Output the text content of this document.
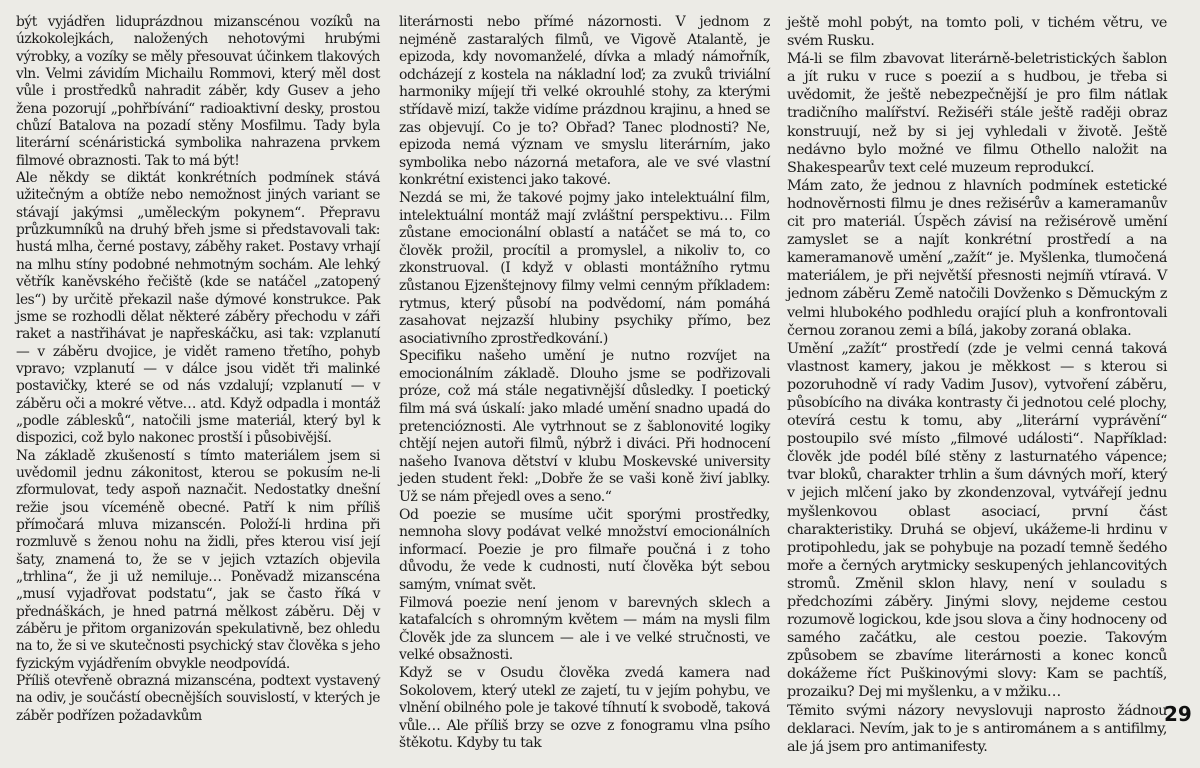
být vyjádřen liduprázdnou mizanscénou vozíků na úzkokolejkách, naložených nehotovými hrubými výrobky, a vozíky se měly přesouvat účinkem tlakových vln. Velmi závidím Michailu Rommovi, který měl dost vůle i prostředků nahradit záběr, kdy Gusev a jeho žena pozorují „pohřbívání“ radioaktivní desky, prostou chůzí Batalova na pozadí stěny Mosfilmu. Tady byla literární scénáristická symbolika nahrazena prvkem filmové obraznosti. Tak to má být!

Ale někdy se diktát konkrétních podmínek stává užitečným a obtíže nebo nemožnost jiných variant se stávají jakýmsi „uměleckým pokynem“. Přepravu průzkumníků na druhý břeh jsme si představovali tak: hustá mlha, černé postavy, záběhy raket. Postavy vrhají na mlhu stíny podobné nehmotným sochám. Ale lehký větřík kaněvského řečiště (kde se natáčel „zatopený les“) by určitě překazil naše dýmové konstrukce. Pak jsme se rozhodli dělat některé záběry přechodu v záři raket a nastřihávat je napřeskáčku, asi tak: vzplanutí — v záběru dvojice, je vidět rameno třetího, pohyb vpravo; vzplanutí — v dálce jsou vidět tři malinké postavičky, které se od nás vzdalují; vzplanutí — v záběru oči a mokré větve… atd. Když odpadla i montáž „podle záblesků“, natočili jsme materiál, který byl k dispozici, což bylo nakonec prostší i působivější.

Na základě zkušeností s tímto materiálem jsem si uvědomil jednu zákonitost, kterou se pokusím ne-li zformulovat, tedy aspoň naznačit. Nedostatky dnešní režie jsou víceméně obecné. Patří k nim příliš přímočará mluva mizanscén. Položí-li hrdina při rozmluvě s ženou nohu na židli, přes kterou visí její šaty, znamená to, že se v jejich vztazích objevila „trhlina“, že ji už nemiluje… Poněvadž mizanscéna „musí vyjadřovat podstatu“, jak se často říká v přednáškách, je hned patrná mělkost záběru. Děj v záběru je přitom organizován spekulativně, bez ohledu na to, že si ve skutečnosti psychický stav člověka s jeho fyzickým vyjádřením obvykle neodpovídá.

Příliš otevřeně obrazná mizanscéna, podtext vystavený na odiv, je součástí obecnějších souvislostí, v kterých je záběr podřízen požadavkům

literárnosti nebo přímé názornosti. V jednom z nejméně zastaralých filmů, ve Vigově Atalantě, je epizoda, kdy novomanželé, dívka a mladý námořník, odcházejí z kostela na nákladní loď; za zvuků triviální harmoniky míjejí tři velké okrouhlé stohy, za kterými střídavě mizí, takže vidíme prázdnou krajinu, a hned se zas objevují. Co je to? Obřad? Tanec plodnosti? Ne, epizoda nemá význam ve smyslu literárním, jako symbolika nebo názorná metafora, ale ve své vlastní konkrétní existenci jako takové.

Nezdá se mi, že takové pojmy jako intelektuální film, intelektuální montáž mají zvláštní perspektivu… Film zůstane emocionální oblastí a natáčet se má to, co člověk prožil, procítil a promyslel, a nikoliv to, co zkonstruoval. (I když v oblasti montážního rytmu zůstanou Ejzenštejnovy filmy velmi cenným příkladem: rytmus, který působí na podvědomí, nám pomáhá zasahovat nejzazší hlubiny psychiky přímo, bez asociativního zprostředkování.)

Specifiku našeho umění je nutno rozvíjet na emocionálním základě. Dlouho jsme se podřizovali próze, což má stále negativnější důsledky. I poetický film má svá úskalí: jako mladé umění snadno upadá do pretencióznosti. Ale vytrhnout se z šablonovité logiky chtějí nejen autoři filmů, nýbrž i diváci. Při hodnocení našeho Ivanova dětství v klubu Moskevské university jeden student řekl: „Dobře že se vaši koně živí jablky. Už se nám přejedl oves a seno.“

Od poezie se musíme učit sporými prostředky, nemnoha slovy podávat velké množství emocionálních informací. Poezie je pro filmaře poučná i z toho důvodu, že vede k cudnosti, nutí člověka být sebou samým, vnímat svět.

Filmová poezie není jenom v barevných sklech a katafalcích s ohromným květem — mám na mysli film Člověk jde za sluncem — ale i ve velké stručnosti, ve velké obsažnosti.

Když se v Osudu člověka zvedá kamera nad Sokolovem, který utekl ze zajetí, tu v jejím pohybu, ve vlnění obilného pole je takové tíhnutí k svobodě, taková vůle… Ale příliš brzy se ozve z fonogramu vlna psího štěkotu. Kdyby tu tak

ještě mohl pobýt, na tomto poli, v tichém větru, ve svém Rusku.

Má-li se film zbavovat literárně-beletristických šablon a jít ruku v ruce s poezií a s hudbou, je třeba si uvědomit, že ještě nebezpečnější je pro film nátlak tradičního malířství. Režiséři stále ještě raději obraz konstruují, než by si jej vyhledali v životě. Ještě nedávno bylo možné ve filmu Othello naložit na Shakespearův text celé muzeum reprodukcí.

Mám zato, že jednou z hlavních podmínek estetické hodnověrnosti filmu je dnes režisérův a kameramanův cit pro materiál. Úspěch závisí na režisérově umění zamyslet se a najít konkrétní prostředí a na kameramanově umění „zažít“ je. Myšlenka, tlumočená materiálem, je při největší přesnosti nejmíň vtíravá. V jednom záběru Země natočili Dovženko s Děmuckým z velmi hlubokého podhledu orající pluh a konfrontovali černou zoranou zemi a bílá, jakoby zoraná oblaka.

Umění „zažít“ prostředí (zde je velmi cenná taková vlastnost kamery, jakou je měkkost — s kterou si pozoruhodně ví rady Vadim Jusov), vytvoření záběru, působícího na diváka kontrasty či jednotou celé plochy, otevírá cestu k tomu, aby „literární vyprávění“ postoupilo své místo „filmové události“. Například: člověk jde podél bílé stěny z lasturnatého vápence; tvar bloků, charakter trhlin a šum dávných moří, který v jejich mlčení jako by zkondenzoval, vytvářejí jednu myšlenkovou oblast asociací, první část charakteristiky. Druhá se objeví, ukážeme-li hrdinu v protipohledu, jak se pohybuje na pozadí temně šedého moře a černých arytmicky seskupených jehlancovitých stromů. Změnil sklon hlavy, není v souladu s předchozími záběry. Jinými slovy, nejdeme cestou rozumově logickou, kde jsou slova a činy hodnoceny od samého začátku, ale cestou poezie. Takovým způsobem se zbavíme literárnosti a konec konců dokážeme říct Puškinovými slovy: Kam se pachtíš, prozaiku? Dej mi myšlenku, a v mžiku…

Těmito svými názory nevyslovuji naprosto žádnou deklaraci. Nevím, jak to je s antirománem a s antifilmy, ale já jsem pro antimanifesty.

29
